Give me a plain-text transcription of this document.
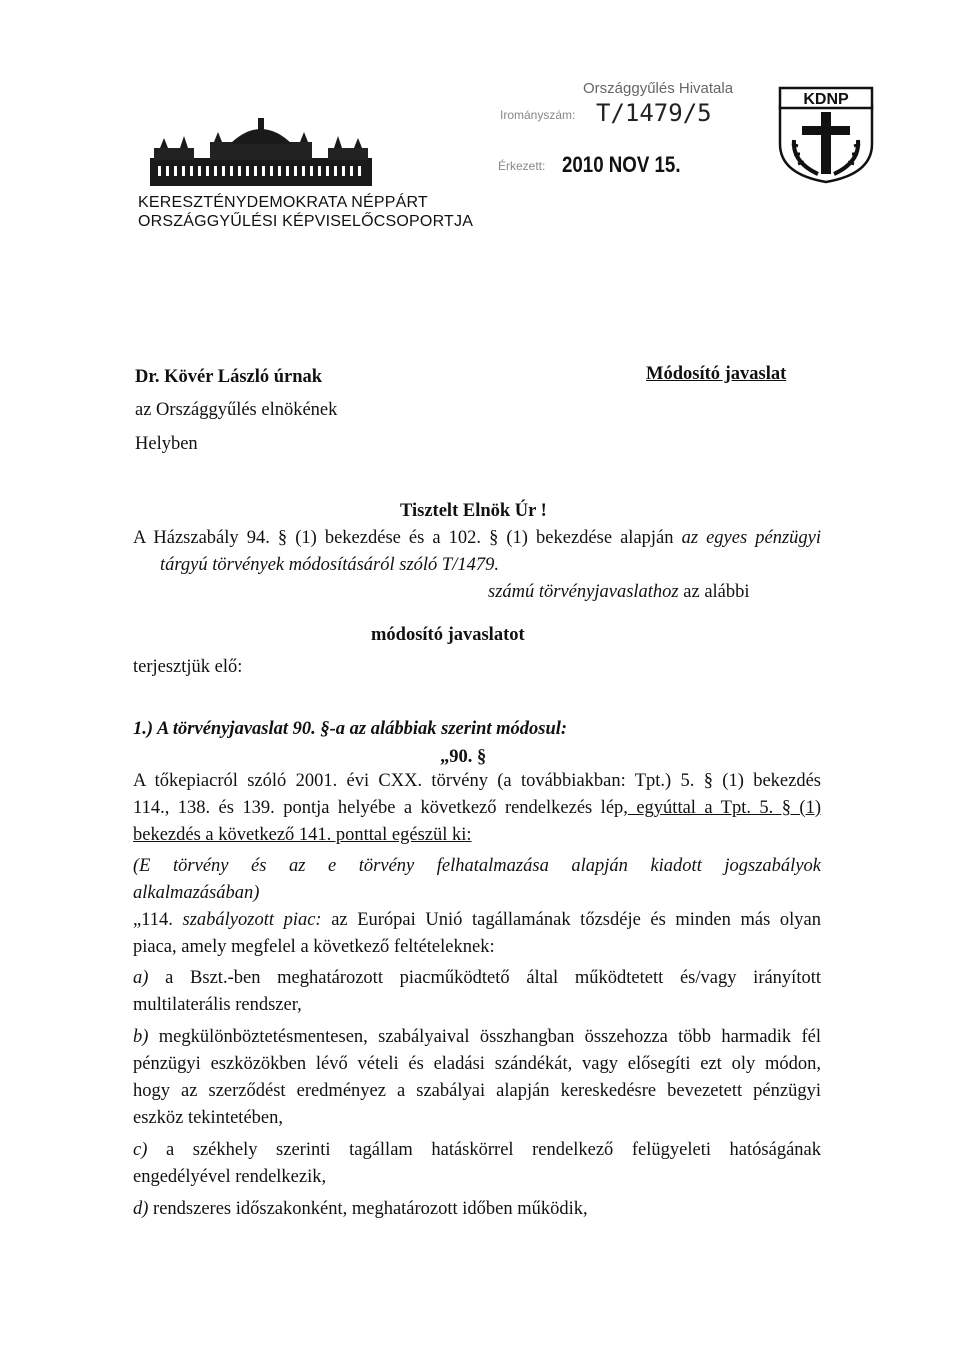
KERESZTÉNYDEMOKRATA NÉPPÁRT
ORSZÁGGYŰLÉSI KÉPVISELŐCSOPORTJA
Országgyűlés Hivatala
Irományszám: T/1479/5
Érkezett: 2010 NOV 15.
KDNP
Dr. Kövér László úrnak
az Országgyűlés elnökének
Helyben
Módosító javaslat
Tisztelt Elnök Úr !
A Házszabály 94. § (1) bekezdése és a 102. § (1) bekezdése alapján az egyes pénzügyi
tárgyú törvények módosításáról szóló T/1479.
számú törvényjavaslathoz az alábbi
módosító javaslatot
terjesztjük elő:
1.) A törvényjavaslat 90. §-a az alábbiak szerint módosul:
„90. §
A tőkepiacról szóló 2001. évi CXX. törvény (a továbbiakban: Tpt.) 5. § (1) bekezdés
114., 138. és 139. pontja helyébe a következő rendelkezés lép, egyúttal a Tpt. 5. § (1)
bekezdés a következő 141. ponttal egészül ki:
(E törvény és az e törvény felhatalmazása alapján kiadott jogszabályok
alkalmazásában)
„114. szabályozott piac: az Európai Unió tagállamának tőzsdéje és minden más olyan
piaca, amely megfelel a következő feltételeknek:
a) a Bszt.-ben meghatározott piacműködtető által működtetett és/vagy irányított
multilaterális rendszer,
b) megkülönböztetésmentesen, szabályaival összhangban összehozza több harmadik fél
pénzügyi eszközökben lévő vételi és eladási szándékát, vagy elősegíti ezt oly módon,
hogy az szerződést eredményez a szabályai alapján kereskedésre bevezetett pénzügyi
eszköz tekintetében,
c) a székhely szerinti tagállam hatáskörrel rendelkező felügyeleti hatóságának
engedélyével rendelkezik,
d) rendszeres időszakonként, meghatározott időben működik,
